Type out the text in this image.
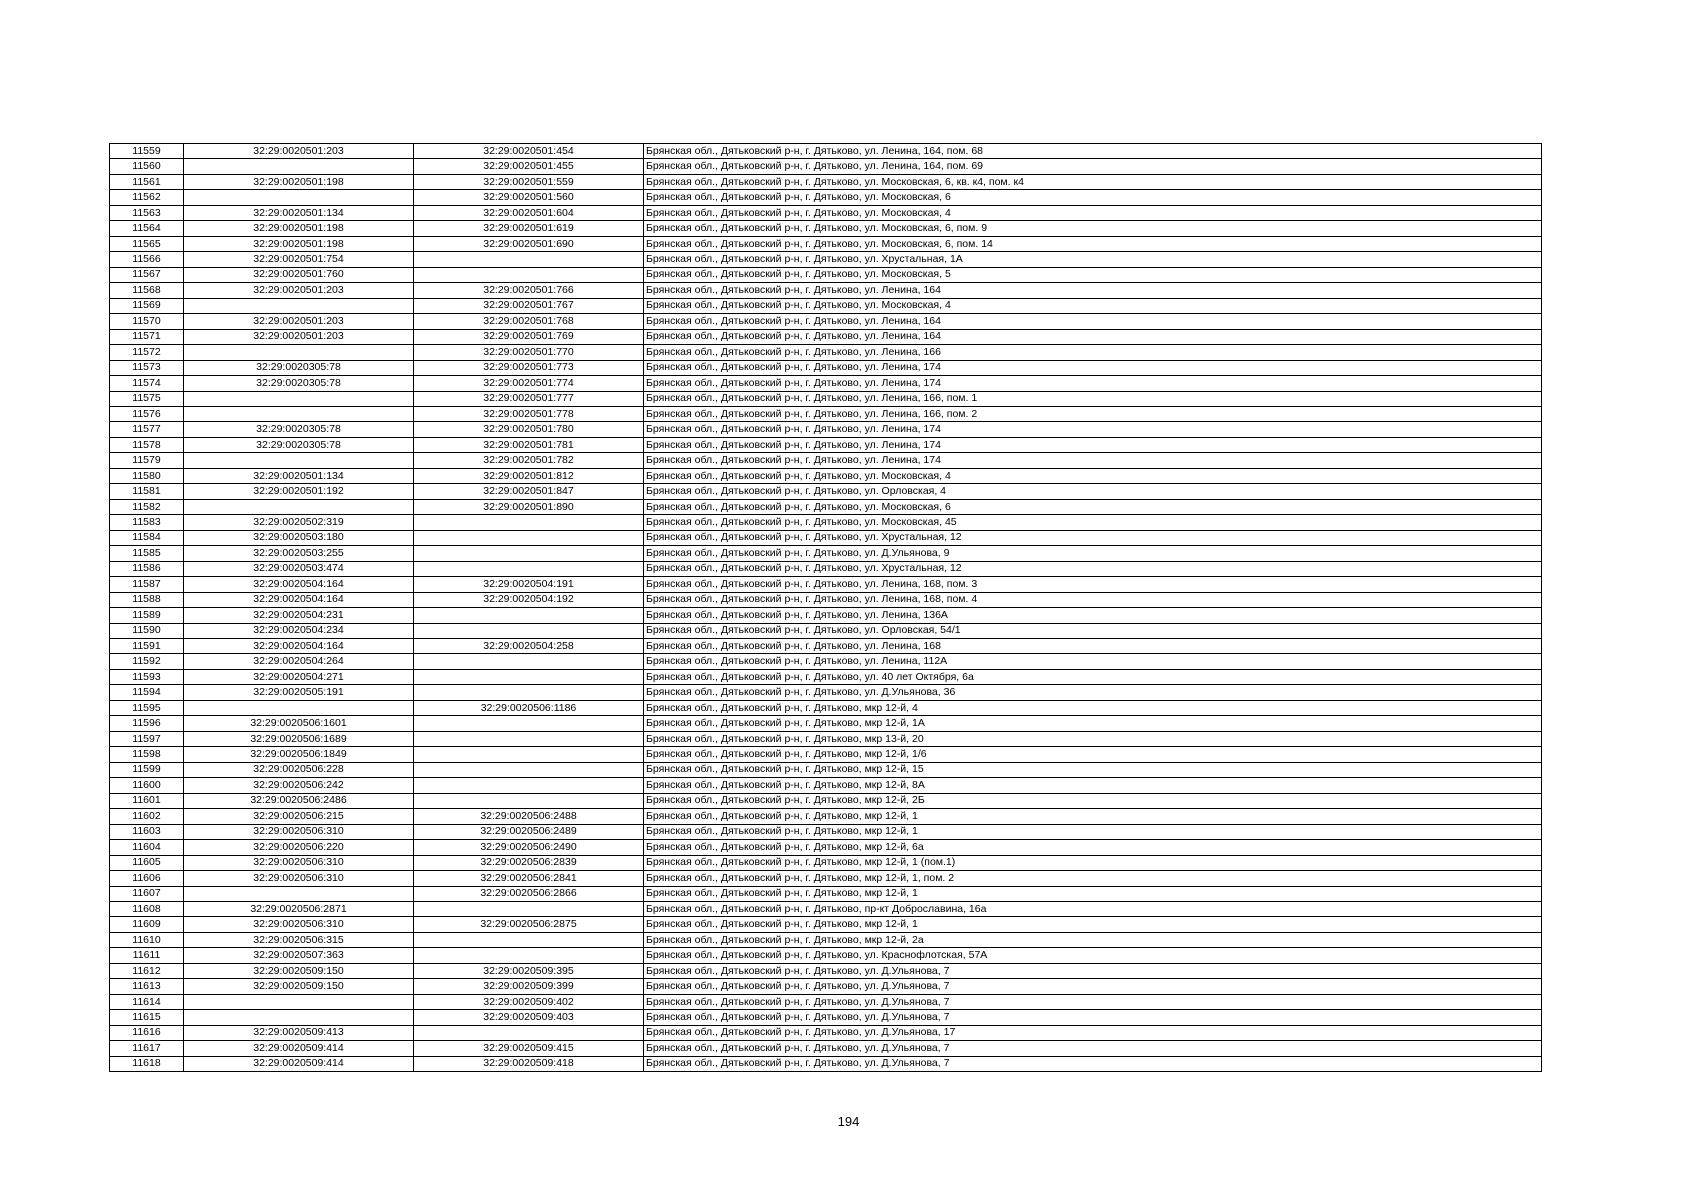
11559	32:29:0020501:203	32:29:0020501:454	Брянская обл., Дятьковский р-н, г. Дятьково, ул. Ленина, 164, пом. 68
11560		32:29:0020501:455	Брянская обл., Дятьковский р-н, г. Дятьково, ул. Ленина, 164, пом. 69
11561	32:29:0020501:198	32:29:0020501:559	Брянская обл., Дятьковский р-н, г. Дятьково, ул. Московская, 6, кв. к4, пом. к4
11562		32:29:0020501:560	Брянская обл., Дятьковский р-н, г. Дятьково, ул. Московская, 6
11563	32:29:0020501:134	32:29:0020501:604	Брянская обл., Дятьковский р-н, г. Дятьково, ул. Московская, 4
11564	32:29:0020501:198	32:29:0020501:619	Брянская обл., Дятьковский р-н, г. Дятьково, ул. Московская, 6, пом. 9
11565	32:29:0020501:198	32:29:0020501:690	Брянская обл., Дятьковский р-н, г. Дятьково, ул. Московская, 6, пом. 14
11566	32:29:0020501:754		Брянская обл., Дятьковский р-н, г. Дятьково, ул. Хрустальная, 1А
11567	32:29:0020501:760		Брянская обл., Дятьковский р-н, г. Дятьково, ул. Московская, 5
11568	32:29:0020501:203	32:29:0020501:766	Брянская обл., Дятьковский р-н, г. Дятьково, ул. Ленина, 164
11569		32:29:0020501:767	Брянская обл., Дятьковский р-н, г. Дятьково, ул. Московская, 4
11570	32:29:0020501:203	32:29:0020501:768	Брянская обл., Дятьковский р-н, г. Дятьково, ул. Ленина, 164
11571	32:29:0020501:203	32:29:0020501:769	Брянская обл., Дятьковский р-н, г. Дятьково, ул. Ленина, 164
11572		32:29:0020501:770	Брянская обл., Дятьковский р-н, г. Дятьково, ул. Ленина, 166
11573	32:29:0020305:78	32:29:0020501:773	Брянская обл., Дятьковский р-н, г. Дятьково, ул. Ленина, 174
11574	32:29:0020305:78	32:29:0020501:774	Брянская обл., Дятьковский р-н, г. Дятьково, ул. Ленина, 174
11575		32:29:0020501:777	Брянская обл., Дятьковский р-н, г. Дятьково, ул. Ленина, 166, пом. 1
11576		32:29:0020501:778	Брянская обл., Дятьковский р-н, г. Дятьково, ул. Ленина, 166, пом. 2
11577	32:29:0020305:78	32:29:0020501:780	Брянская обл., Дятьковский р-н, г. Дятьково, ул. Ленина, 174
11578	32:29:0020305:78	32:29:0020501:781	Брянская обл., Дятьковский р-н, г. Дятьково, ул. Ленина, 174
11579		32:29:0020501:782	Брянская обл., Дятьковский р-н, г. Дятьково, ул. Ленина, 174
11580	32:29:0020501:134	32:29:0020501:812	Брянская обл., Дятьковский р-н, г. Дятьково, ул. Московская, 4
11581	32:29:0020501:192	32:29:0020501:847	Брянская обл., Дятьковский р-н, г. Дятьково, ул. Орловская, 4
11582		32:29:0020501:890	Брянская обл., Дятьковский р-н, г. Дятьково, ул. Московская, 6
11583	32:29:0020502:319		Брянская обл., Дятьковский р-н, г. Дятьково, ул. Московская, 45
11584	32:29:0020503:180		Брянская обл., Дятьковский р-н, г. Дятьково, ул. Хрустальная, 12
11585	32:29:0020503:255		Брянская обл., Дятьковский р-н, г. Дятьково, ул. Д.Ульянова, 9
11586	32:29:0020503:474		Брянская обл., Дятьковский р-н, г. Дятьково, ул. Хрустальная, 12
11587	32:29:0020504:164	32:29:0020504:191	Брянская обл., Дятьковский р-н, г. Дятьково, ул. Ленина, 168, пом. 3
11588	32:29:0020504:164	32:29:0020504:192	Брянская обл., Дятьковский р-н, г. Дятьково, ул. Ленина, 168, пом. 4
11589	32:29:0020504:231		Брянская обл., Дятьковский р-н, г. Дятьково, ул. Ленина, 136А
11590	32:29:0020504:234		Брянская обл., Дятьковский р-н, г. Дятьково, ул. Орловская, 54/1
11591	32:29:0020504:164	32:29:0020504:258	Брянская обл., Дятьковский р-н, г. Дятьково, ул. Ленина, 168
11592	32:29:0020504:264		Брянская обл., Дятьковский р-н, г. Дятьково, ул. Ленина, 112А
11593	32:29:0020504:271		Брянская обл., Дятьковский р-н, г. Дятьково, ул. 40 лет Октября, 6а
11594	32:29:0020505:191		Брянская обл., Дятьковский р-н, г. Дятьково, ул. Д.Ульянова, 36
11595		32:29:0020506:1186	Брянская обл., Дятьковский р-н, г. Дятьково, мкр 12-й, 4
11596	32:29:0020506:1601		Брянская обл., Дятьковский р-н, г. Дятьково, мкр 12-й, 1А
11597	32:29:0020506:1689		Брянская обл., Дятьковский р-н, г. Дятьково, мкр 13-й, 20
11598	32:29:0020506:1849		Брянская обл., Дятьковский р-н, г. Дятьково, мкр 12-й, 1/6
11599	32:29:0020506:228		Брянская обл., Дятьковский р-н, г. Дятьково, мкр 12-й, 15
11600	32:29:0020506:242		Брянская обл., Дятьковский р-н, г. Дятьково, мкр 12-й, 8А
11601	32:29:0020506:2486		Брянская обл., Дятьковский р-н, г. Дятьково, мкр 12-й, 2Б
11602	32:29:0020506:215	32:29:0020506:2488	Брянская обл., Дятьковский р-н, г. Дятьково, мкр 12-й, 1
11603	32:29:0020506:310	32:29:0020506:2489	Брянская обл., Дятьковский р-н, г. Дятьково, мкр 12-й, 1
11604	32:29:0020506:220	32:29:0020506:2490	Брянская обл., Дятьковский р-н, г. Дятьково, мкр 12-й, 6а
11605	32:29:0020506:310	32:29:0020506:2839	Брянская обл., Дятьковский р-н, г. Дятьково, мкр 12-й, 1 (пом.1)
11606	32:29:0020506:310	32:29:0020506:2841	Брянская обл., Дятьковский р-н, г. Дятьково, мкр 12-й, 1, пом. 2
11607		32:29:0020506:2866	Брянская обл., Дятьковский р-н, г. Дятьково, мкр 12-й, 1
11608	32:29:0020506:2871		Брянская обл., Дятьковский р-н, г. Дятьково, пр-кт Доброславина, 16а
11609	32:29:0020506:310	32:29:0020506:2875	Брянская обл., Дятьковский р-н, г. Дятьково, мкр 12-й, 1
11610	32:29:0020506:315		Брянская обл., Дятьковский р-н, г. Дятьково, мкр 12-й, 2а
11611	32:29:0020507:363		Брянская обл., Дятьковский р-н, г. Дятьково, ул. Краснофлотская, 57А
11612	32:29:0020509:150	32:29:0020509:395	Брянская обл., Дятьковский р-н, г. Дятьково, ул. Д.Ульянова, 7
11613	32:29:0020509:150	32:29:0020509:399	Брянская обл., Дятьковский р-н, г. Дятьково, ул. Д.Ульянова, 7
11614		32:29:0020509:402	Брянская обл., Дятьковский р-н, г. Дятьково, ул. Д.Ульянова, 7
11615		32:29:0020509:403	Брянская обл., Дятьковский р-н, г. Дятьково, ул. Д.Ульянова, 7
11616	32:29:0020509:413		Брянская обл., Дятьковский р-н, г. Дятьково, ул. Д.Ульянова, 17
11617	32:29:0020509:414	32:29:0020509:415	Брянская обл., Дятьковский р-н, г. Дятьково, ул. Д.Ульянова, 7
11618	32:29:0020509:414	32:29:0020509:418	Брянская обл., Дятьковский р-н, г. Дятьково, ул. Д.Ульянова, 7
194
